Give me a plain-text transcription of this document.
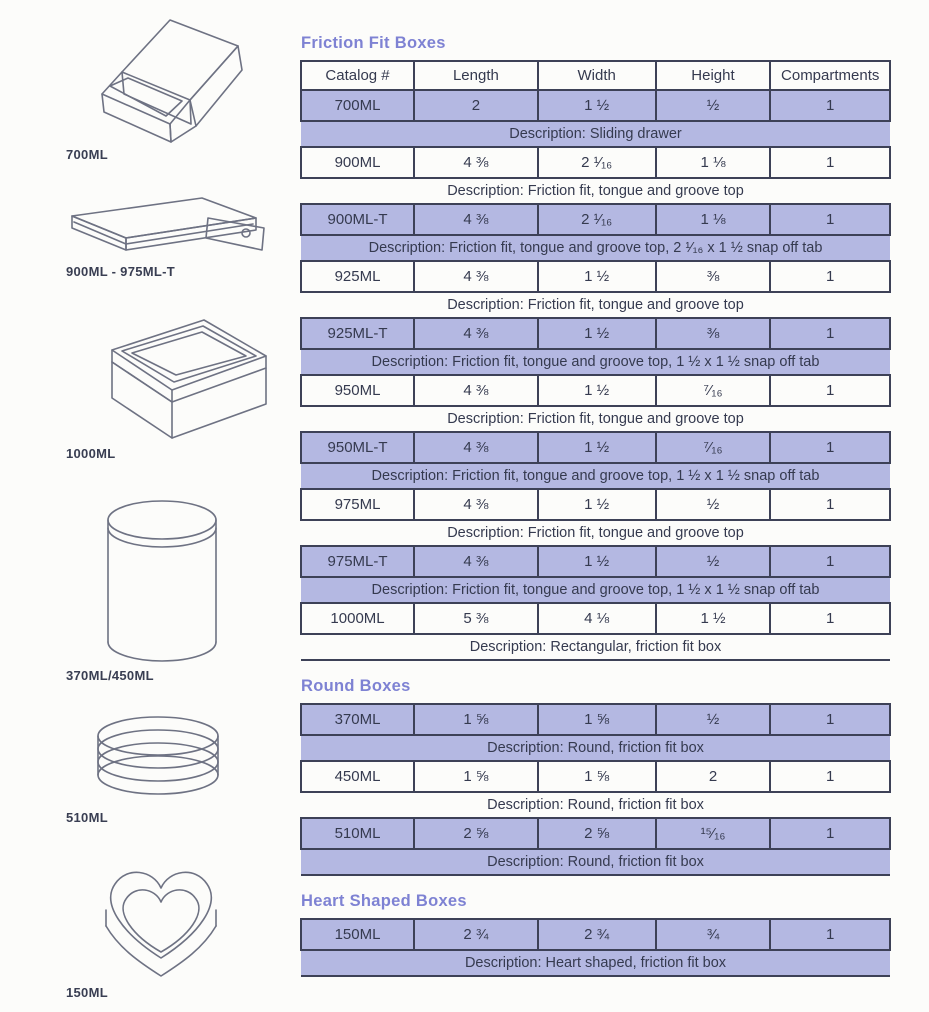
700ML
900ML - 975ML-T
1000ML
370ML/450ML
510ML
150ML
Friction Fit Boxes
Catalog #	Length	Width	Height	Compartments
700ML	2	1 ½	½	1
Description: Sliding drawer				
900ML	4 ⅜	2 ¹⁄₁₆	1 ⅛	1
Description: Friction fit, tongue and groove top				
900ML-T	4 ⅜	2 ¹⁄₁₆	1 ⅛	1
Description: Friction fit, tongue and groove top, 2 ¹⁄₁₆ x 1 ½ snap off tab				
925ML	4 ⅜	1 ½	⅜	1
Description: Friction fit, tongue and groove top				
925ML-T	4 ⅜	1 ½	⅜	1
Description: Friction fit, tongue and groove top, 1 ½ x 1 ½ snap off tab				
950ML	4 ⅜	1 ½	⁷⁄₁₆	1
Description: Friction fit, tongue and groove top				
950ML-T	4 ⅜	1 ½	⁷⁄₁₆	1
Description: Friction fit, tongue and groove top, 1 ½ x 1 ½ snap off tab				
975ML	4 ⅜	1 ½	½	1
Description: Friction fit, tongue and groove top				
975ML-T	4 ⅜	1 ½	½	1
Description: Friction fit, tongue and groove top, 1 ½ x 1 ½ snap off tab				
1000ML	5 ⅜	4 ⅛	1 ½	1
Description: Rectangular, friction fit box				
Round Boxes
370ML	1 ⅝	1 ⅝	½	1
Description: Round, friction fit box				
450ML	1 ⅝	1 ⅝	2	1
Description: Round, friction fit box				
510ML	2 ⅝	2 ⅝	¹⁵⁄₁₆	1
Description: Round, friction fit box				
Heart Shaped Boxes
150ML	2 ¾	2 ¾	¾	1
Description: Heart shaped, friction fit box
